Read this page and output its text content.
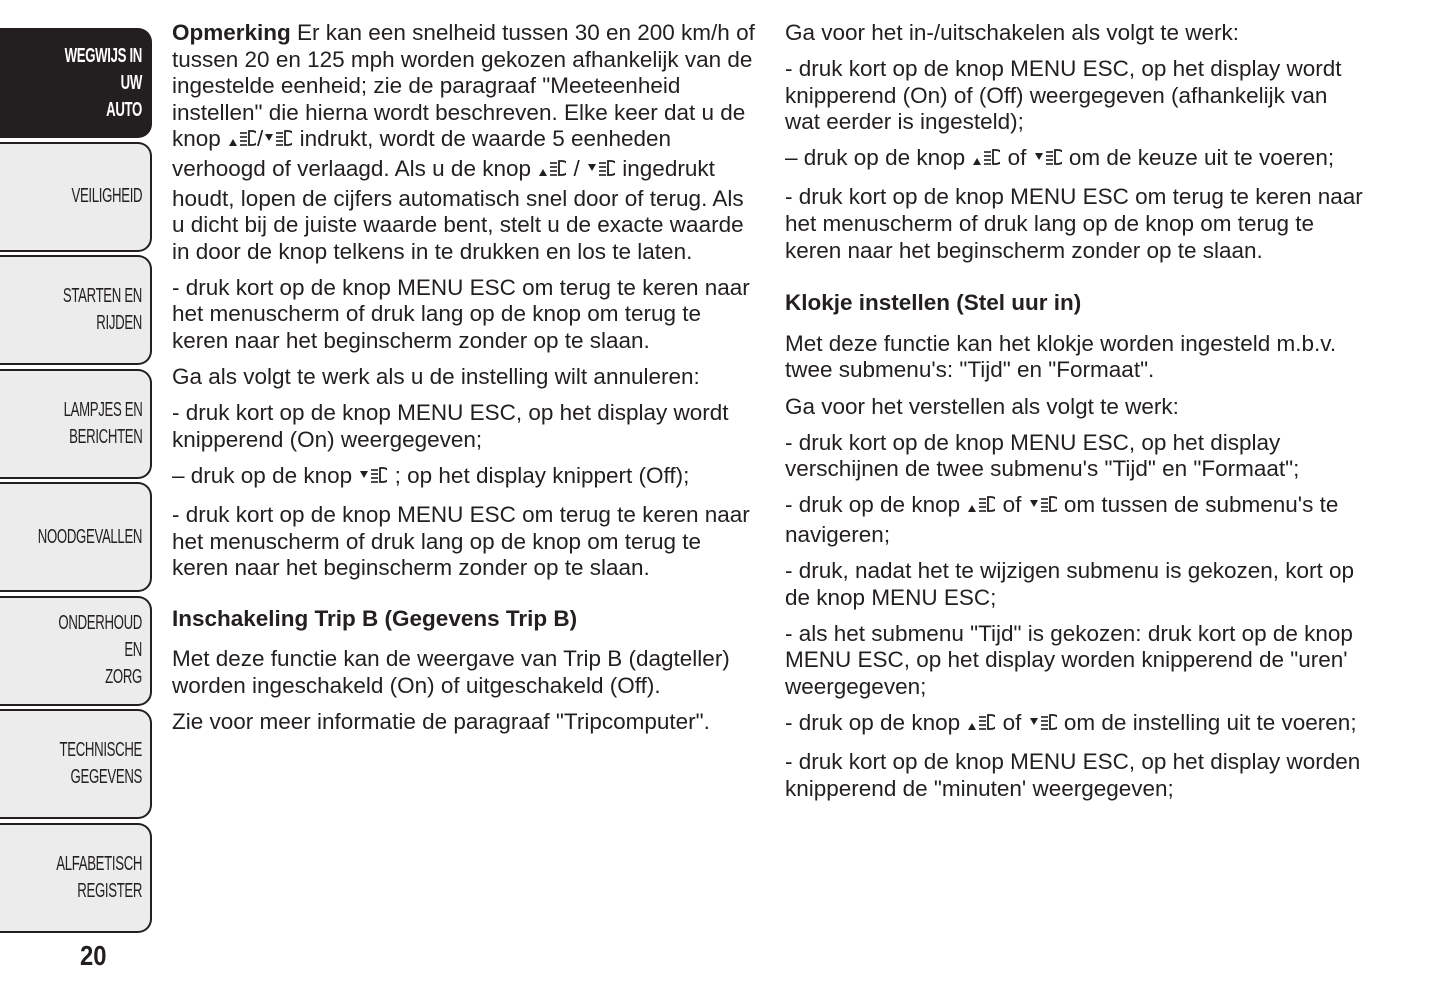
WEGWIJS IN UW
AUTO
VEILIGHEID
STARTEN EN RIJDEN
LAMPJES EN
BERICHTEN
NOODGEVALLEN
ONDERHOUD EN
ZORG
TECHNISCHE
GEGEVENS
ALFABETISCH
REGISTER
20

Opmerking Er kan een snelheid tussen 30 en 200 km/h of tussen 20 en 125 mph worden gekozen afhankelijk van de ingestelde eenheid; zie de paragraaf "Meeteenheid instellen" die hierna wordt beschreven. Elke keer dat u de knop / indrukt, wordt de waarde 5 eenheden verhoogd of verlaagd. Als u de knop  /  ingedrukt houdt, lopen de cijfers automatisch snel door of terug. Als u dicht bij de juiste waarde bent, stelt u de exacte waarde in door de knop telkens in te drukken en los te laten.

- druk kort op de knop MENU ESC om terug te keren naar het menuscherm of druk lang op de knop om terug te keren naar het beginscherm zonder op te slaan.

Ga als volgt te werk als u de instelling wilt annuleren:

- druk kort op de knop MENU ESC, op het display wordt knipperend (On) weergegeven;

– druk op de knop  ; op het display knippert (Off);

- druk kort op de knop MENU ESC om terug te keren naar het menuscherm of druk lang op de knop om terug te keren naar het beginscherm zonder op te slaan.

Inschakeling Trip B (Gegevens Trip B)

Met deze functie kan de weergave van Trip B (dagteller) worden ingeschakeld (On) of uitgeschakeld (Off).

Zie voor meer informatie de paragraaf "Tripcomputer".

Ga voor het in-/uitschakelen als volgt te werk:

- druk kort op de knop MENU ESC, op het display wordt knipperend (On) of (Off) weergegeven (afhankelijk van wat eerder is ingesteld);

– druk op de knop  of  om de keuze uit te voeren;

- druk kort op de knop MENU ESC om terug te keren naar het menuscherm of druk lang op de knop om terug te keren naar het beginscherm zonder op te slaan.

Klokje instellen (Stel uur in)

Met deze functie kan het klokje worden ingesteld m.b.v. twee submenu's: "Tijd" en "Formaat".

Ga voor het verstellen als volgt te werk:

- druk kort op de knop MENU ESC, op het display verschijnen de twee submenu's "Tijd" en "Formaat";

- druk op de knop  of  om tussen de submenu's te navigeren;

- druk, nadat het te wijzigen submenu is gekozen, kort op de knop MENU ESC;

- als het submenu "Tijd" is gekozen: druk kort op de knop MENU ESC, op het display worden knipperend de "uren' weergegeven;

- druk op de knop  of  om de instelling uit te voeren;

- druk kort op de knop MENU ESC, op het display worden knipperend de "minuten' weergegeven;
